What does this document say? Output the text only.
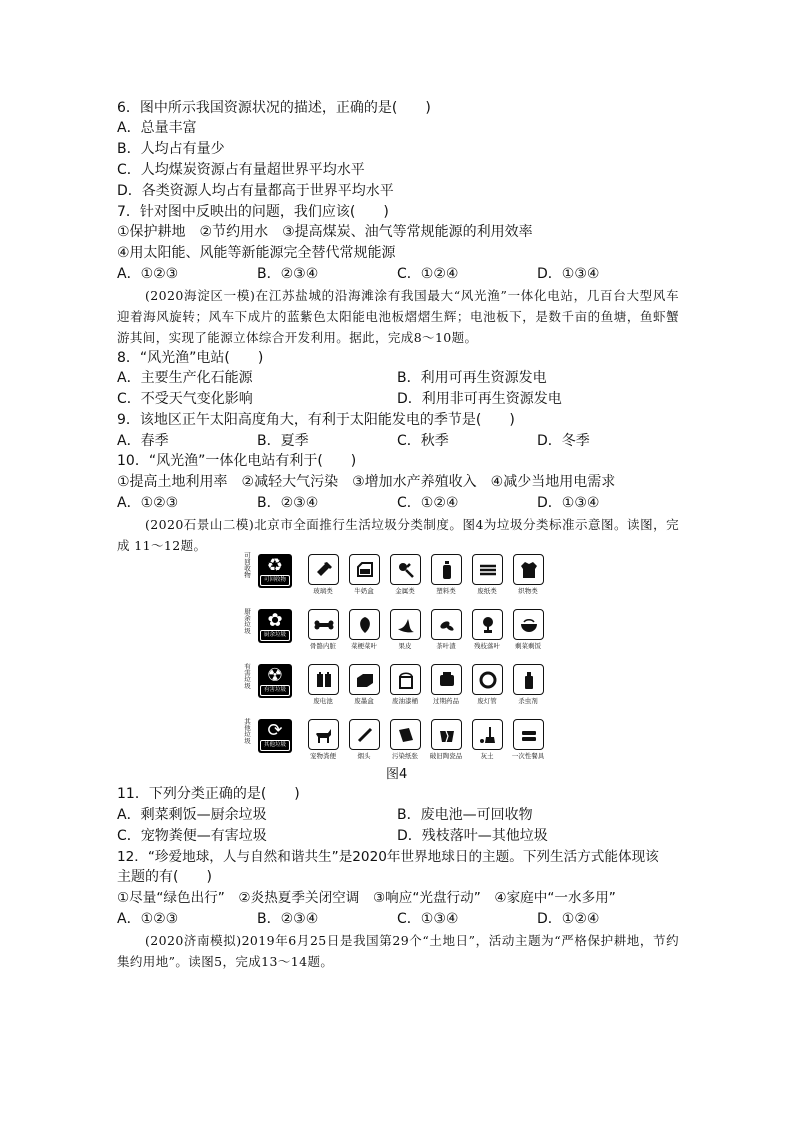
6．图中所示我国资源状况的描述，正确的是(　　)
A．总量丰富
B．人均占有量少
C．人均煤炭资源占有量超世界平均水平
D．各类资源人均占有量都高于世界平均水平
7．针对图中反映出的问题，我们应该(　　)
①保护耕地　②节约用水　③提高煤炭、油气等常规能源的利用效率
④用太阳能、风能等新能源完全替代常规能源
A．①②③	B．②③④	C．①②④	D．①③④
(2020海淀区一模)在江苏盐城的沿海滩涂有我国最大“风光渔”一体化电站，几百台大型风车迎着海风旋转；风车下成片的蓝紫色太阳能电池板熠熠生辉；电池板下，是数千亩的鱼塘，鱼虾蟹游其间，实现了能源立体综合开发利用。据此，完成8～10题。
8．“风光渔”电站(　　)
A．主要生产化石能源	B．利用可再生资源发电
C．不受天气变化影响	D．利用非可再生资源发电
9．该地区正午太阳高度角大，有利于太阳能发电的季节是(　　)
A．春季	B．夏季	C．秋季	D．冬季
10．“风光渔”一体化电站有利于(　　)
①提高土地利用率　②减轻大气污染　③增加水产养殖收入　④减少当地用电需求
A．①②③	B．②③④	C．①②④	D．①③④
(2020石景山二模)北京市全面推行生活垃圾分类制度。图4为垃圾分类标准示意图。读图，完成 11～12题。
可回收物 ♻
可回收物
厨余垃圾 ✿
厨余垃圾
有害垃圾 ☢
有害垃圾
其他垃圾 ⟳
其他垃圾
玻璃类	牛奶盒	金属类	塑料类	废纸类	织物类
骨骼内脏	菜梗菜叶	果皮	茶叶渣	残枝落叶	剩菜剩饭
废电池	废墨盒	废油漆桶	过期药品	废灯管	杀虫剂
宠物粪便	烟头	污染纸张	破旧陶瓷品	灰土	一次性餐具
图4
11．下列分类正确的是(　　)
A．剩菜剩饭—厨余垃圾	B．废电池—可回收物
C．宠物粪便—有害垃圾	D．残枝落叶—其他垃圾
12．“珍爱地球，人与自然和谐共生”是2020年世界地球日的主题。下列生活方式能体现该
主题的有(　　)
①尽量“绿色出行”　②炎热夏季关闭空调　③响应“光盘行动”　④家庭中“一水多用”
A．①②③	B．②③④	C．①③④	D．①②④
(2020济南模拟)2019年6月25日是我国第29个“土地日”，活动主题为“严格保护耕地，节约集约用地”。读图5，完成13～14题。
